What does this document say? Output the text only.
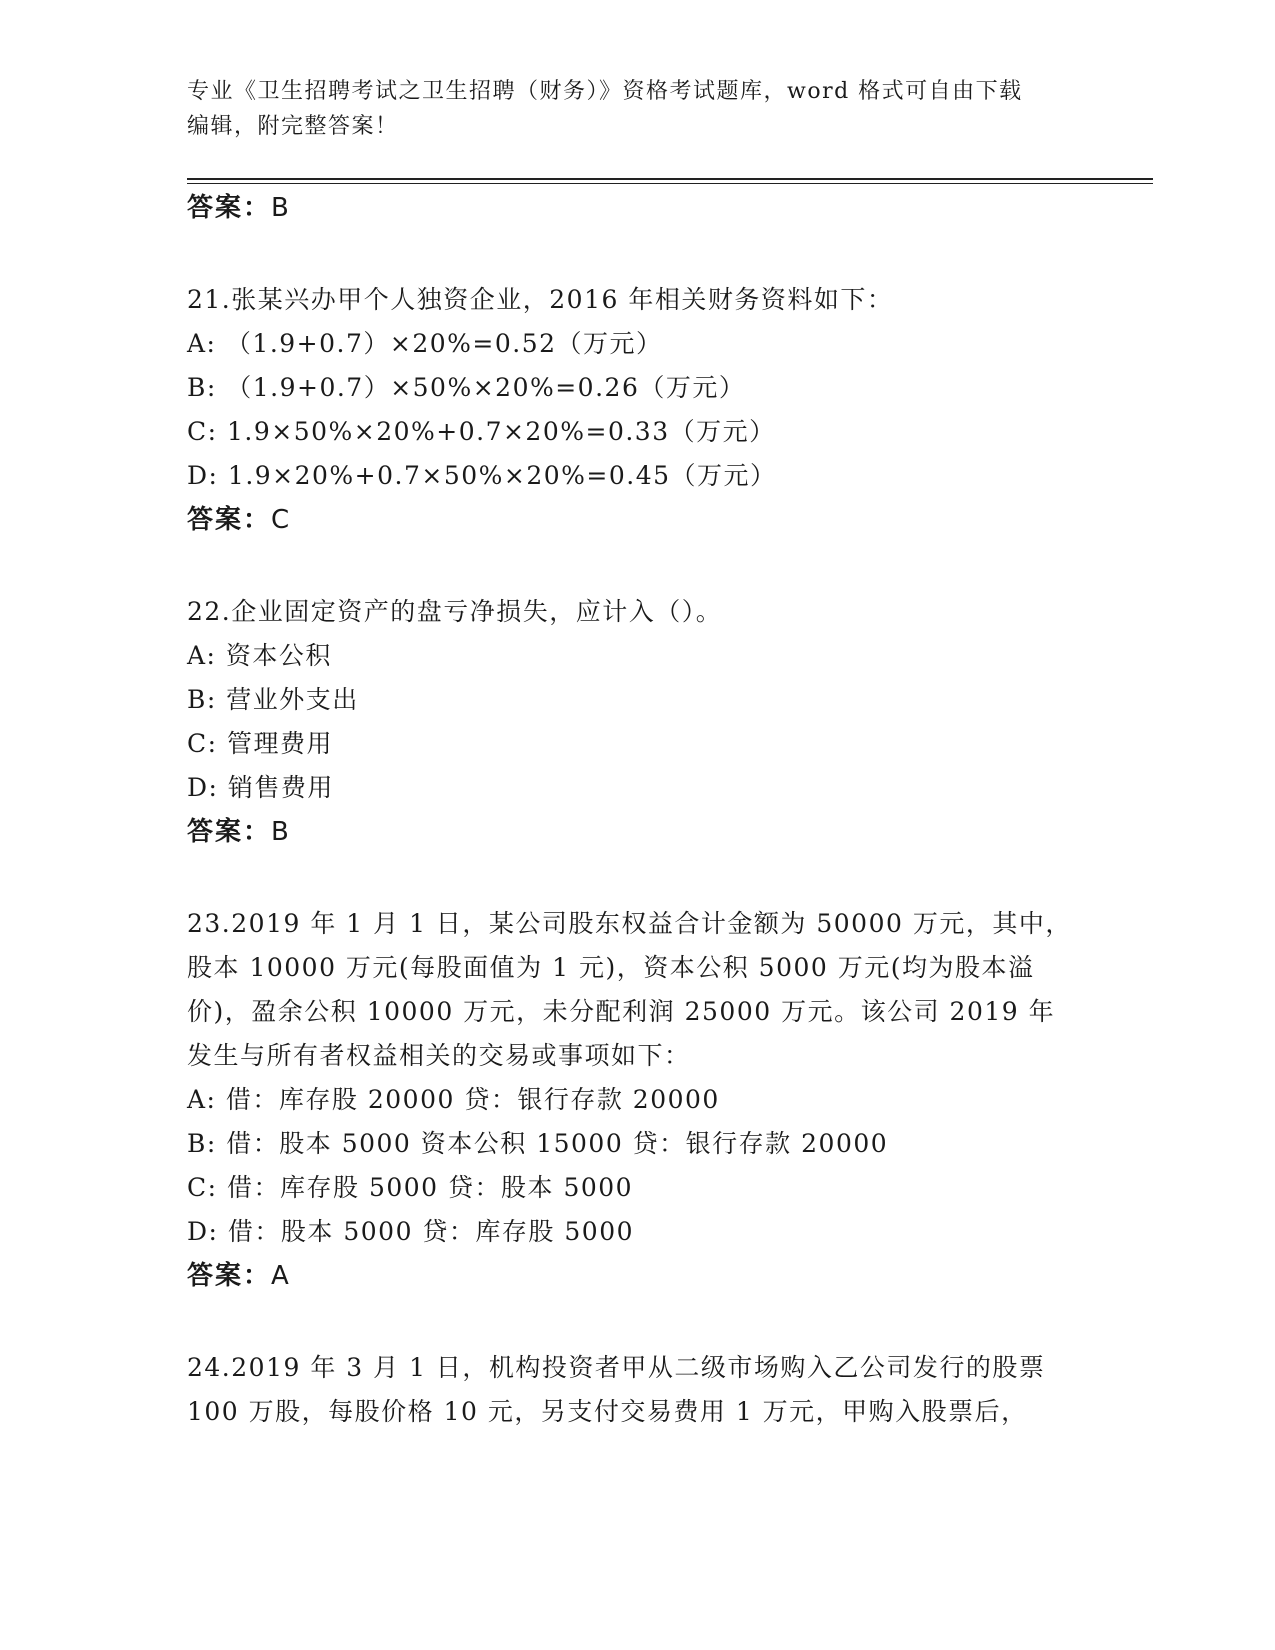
专业《卫生招聘考试之卫生招聘（财务）》资格考试题库，word 格式可自由下载
编辑，附完整答案！
答案：B
21.张某兴办甲个人独资企业，2016 年相关财务资料如下：
A: （1.9+0.7）×20%=0.52（万元）
B: （1.9+0.7）×50%×20%=0.26（万元）
C: 1.9×50%×20%+0.7×20%=0.33（万元）
D: 1.9×20%+0.7×50%×20%=0.45（万元）
答案：C
22.企业固定资产的盘亏净损失，应计入（）。
A: 资本公积
B: 营业外支出
C: 管理费用
D: 销售费用
答案：B
23.2019 年 1 月 1 日，某公司股东权益合计金额为 50000 万元，其中，
股本 10000 万元(每股面值为 1 元)，资本公积 5000 万元(均为股本溢
价)，盈余公积 10000 万元，未分配利润 25000 万元。该公司 2019 年
发生与所有者权益相关的交易或事项如下：
A: 借：库存股 20000 贷：银行存款 20000
B: 借：股本 5000 资本公积 15000 贷：银行存款 20000
C: 借：库存股 5000 贷：股本 5000
D: 借：股本 5000 贷：库存股 5000
答案：A
24.2019 年 3 月 1 日，机构投资者甲从二级市场购入乙公司发行的股票
100 万股，每股价格 10 元，另支付交易费用 1 万元，甲购入股票后，
